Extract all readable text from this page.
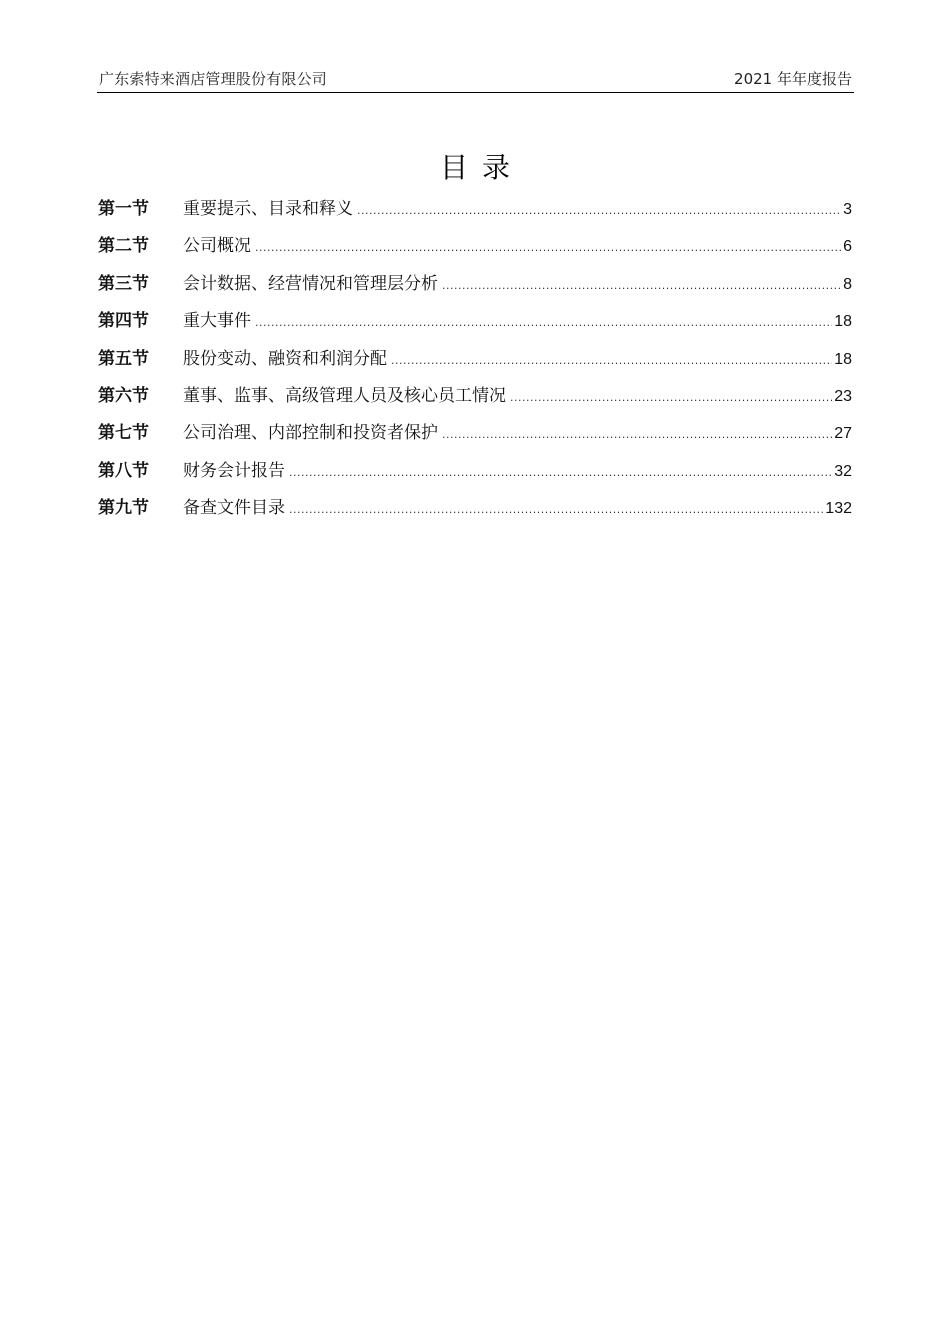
广东索特来酒店管理股份有限公司	2021 年年度报告
目录
第一节	重要提示、目录和释义 .....	3
第二节	公司概况 .....	6
第三节	会计数据、经营情况和管理层分析 .....	8
第四节	重大事件 .....	18
第五节	股份变动、融资和利润分配 .....	18
第六节	董事、监事、高级管理人员及核心员工情况 .....	23
第七节	公司治理、内部控制和投资者保护 .....	27
第八节	财务会计报告 .....	32
第九节	备查文件目录 .....	132
